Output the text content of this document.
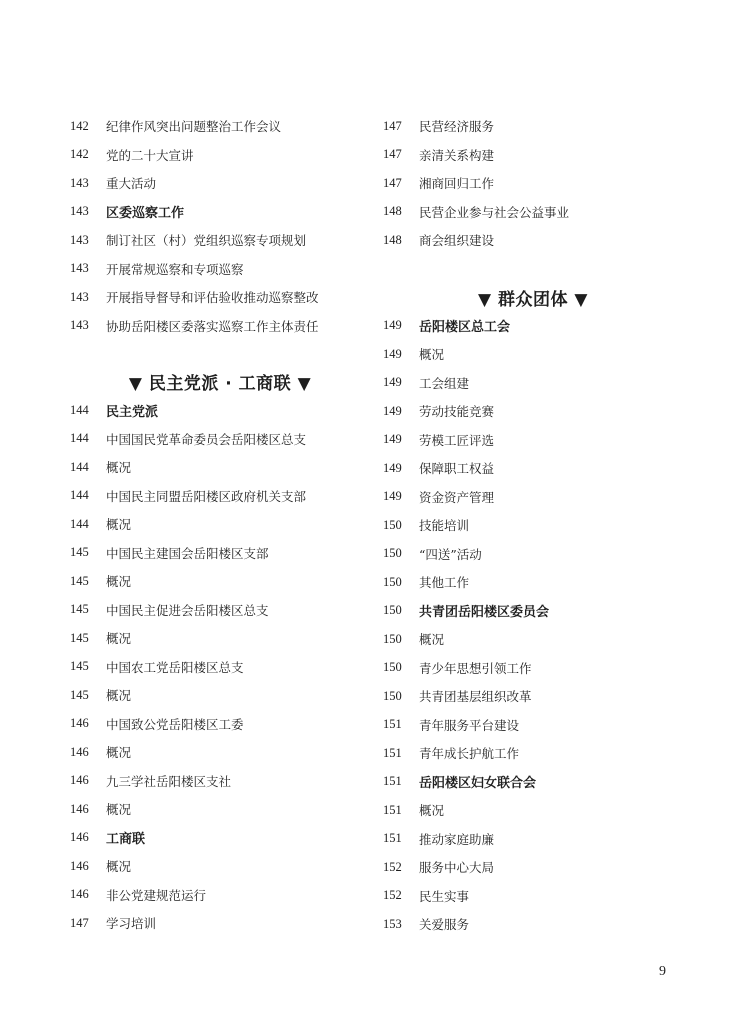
142	纪律作风突出问题整治工作会议
142	党的二十大宣讲
143	重大活动
143	区委巡察工作
143	制订社区（村）党组织巡察专项规划
143	开展常规巡察和专项巡察
143	开展指导督导和评估验收推动巡察整改
143	协助岳阳楼区委落实巡察工作主体责任
▼ 民主党派 · 工商联 ▼
144	民主党派
144	中国国民党革命委员会岳阳楼区总支
144	概况
144	中国民主同盟岳阳楼区政府机关支部
144	概况
145	中国民主建国会岳阳楼区支部
145	概况
145	中国民主促进会岳阳楼区总支
145	概况
145	中国农工党岳阳楼区总支
145	概况
146	中国致公党岳阳楼区工委
146	概况
146	九三学社岳阳楼区支社
146	概况
146	工商联
146	概况
146	非公党建规范运行
147	学习培训
147	民营经济服务
147	亲清关系构建
147	湘商回归工作
148	民营企业参与社会公益事业
148	商会组织建设
▼ 群众团体 ▼
149	岳阳楼区总工会
149	概况
149	工会组建
149	劳动技能竞赛
149	劳模工匠评选
149	保障职工权益
149	资金资产管理
150	技能培训
150	“四送”活动
150	其他工作
150	共青团岳阳楼区委员会
150	概况
150	青少年思想引领工作
150	共青团基层组织改革
151	青年服务平台建设
151	青年成长护航工作
151	岳阳楼区妇女联合会
151	概况
151	推动家庭助廉
152	服务中心大局
152	民生实事
153	关爱服务
9
